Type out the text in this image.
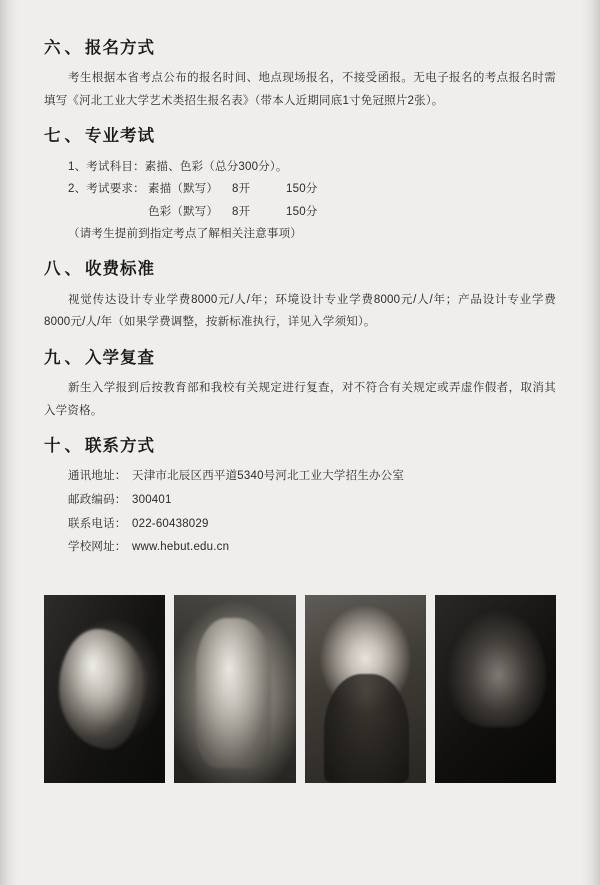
六、报名方式

考生根据本省考点公布的报名时间、地点现场报名，不接受函报。无电子报名的考点报名时需填写《河北工业大学艺术类招生报名表》（带本人近期同底1寸免冠照片2张）。

七、专业考试

1、考试科目：素描、色彩（总分300分）。

2、考试要求： 素描（默写）	8开	150分
色彩（默写）	8开	150分
（请考生提前到指定考点了解相关注意事项）
八、收费标准

视觉传达设计专业学费8000元/人/年；环境设计专业学费8000元/人/年；产品设计专业学费8000元/人/年（如果学费调整，按新标准执行，详见入学须知）。

九、入学复查

新生入学报到后按教育部和我校有关规定进行复查，对不符合有关规定或弄虚作假者，取消其入学资格。

十、联系方式
通讯地址： 天津市北辰区西平道5340号河北工业大学招生办公室
邮政编码： 300401
联系电话： 022-60438029
学校网址： www.hebut.edu.cn
